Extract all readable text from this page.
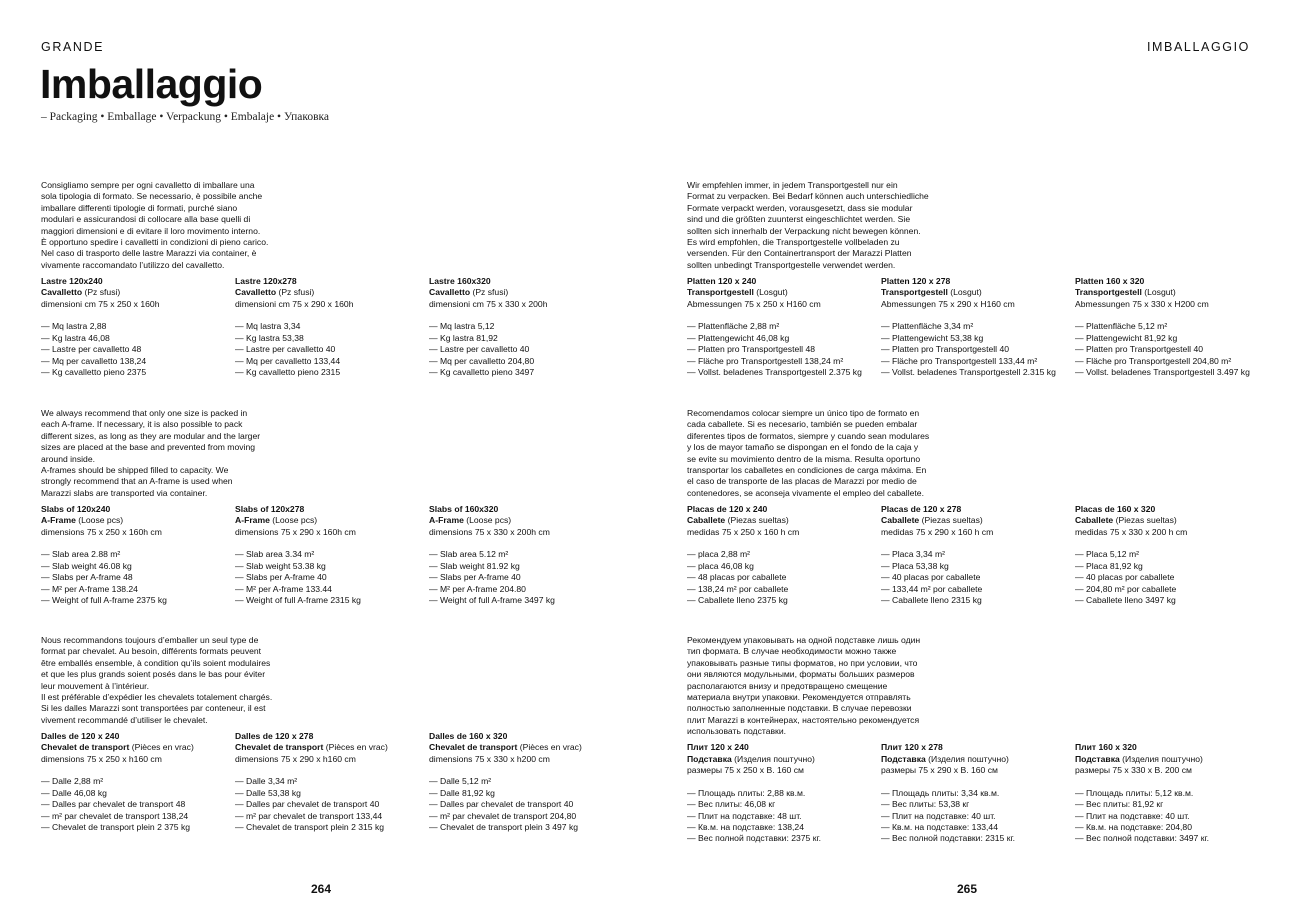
GRANDE	IMBALLAGGIO
Imballaggio
– Packaging • Emballage • Verpackung • Embalaje • Упаковка
Consigliamo sempre per ogni cavalletto di imballare una
sola tipologia di formato. Se necessario, è possibile anche
imballare differenti tipologie di formati, purché siano
modulari e assicurandosi di collocare alla base quelli di
maggiori dimensioni e di evitare il loro movimento interno.
È opportuno spedire i cavalletti in condizioni di pieno carico.
Nel caso di trasporto delle lastre Marazzi via container, è
vivamente raccomandato l’utilizzo del cavalletto.
Lastre 120x240
Cavalletto (Pz sfusi)
dimensioni cm 75 x 250 x 160h
— Mq lastra 2,88
— Kg lastra 46,08
— Lastre per cavalletto 48
— Mq per cavalletto 138,24
— Kg cavalletto pieno 2375
Lastre 120x278
Cavalletto (Pz sfusi)
dimensioni cm 75 x 290 x 160h
— Mq lastra 3,34
— Kg lastra 53,38
— Lastre per cavalletto 40
— Mq per cavalletto 133,44
— Kg cavalletto pieno 2315
Lastre 160x320
Cavalletto (Pz sfusi)
dimensioni cm 75 x 330 x 200h
— Mq lastra 5,12
— Kg lastra 81,92
— Lastre per cavalletto 40
— Mq per cavalletto 204,80
— Kg cavalletto pieno 3497
We always recommend that only one size is packed in
each A-frame. If necessary, it is also possible to pack
different sizes, as long as they are modular and the larger
sizes are placed at the base and prevented from moving
around inside.
A-frames should be shipped filled to capacity. We
strongly recommend that an A-frame is used when
Marazzi slabs are transported via container.
Slabs of 120x240
A-Frame (Loose pcs)
dimensions 75 x 250 x 160h cm
— Slab area 2.88 m²
— Slab weight 46.08 kg
— Slabs per A-frame 48
— M² per A-frame 138.24
— Weight of full A-frame 2375 kg
Slabs of 120x278
A-Frame (Loose pcs)
dimensions 75 x 290 x 160h cm
— Slab area 3.34 m²
— Slab weight 53.38 kg
— Slabs per A-frame 40
— M² per A-frame 133.44
— Weight of full A-frame 2315 kg
Slabs of 160x320
A-Frame (Loose pcs)
dimensions 75 x 330 x 200h cm
— Slab area 5.12 m²
— Slab weight 81.92 kg
— Slabs per A-frame 40
— M² per A-frame 204.80
— Weight of full A-frame 3497 kg
Nous recommandons toujours d’emballer un seul type de
format par chevalet. Au besoin, différents formats peuvent
être emballés ensemble, à condition qu’ils soient modulaires
et que les plus grands soient posés dans le bas pour éviter
leur mouvement à l’intérieur.
Il est préférable d’expédier les chevalets totalement chargés.
Si les dalles Marazzi sont transportées par conteneur, il est
vivement recommandé d’utiliser le chevalet.
Dalles de 120 x 240
Chevalet de transport (Pièces en vrac)
dimensions 75 x 250 x h160 cm
— Dalle 2,88 m²
— Dalle 46,08 kg
— Dalles par chevalet de transport 48
— m² par chevalet de transport 138,24
— Chevalet de transport plein 2 375 kg
Dalles de 120 x 278
Chevalet de transport (Pièces en vrac)
dimensions 75 x 290 x h160 cm
— Dalle 3,34 m²
— Dalle 53,38 kg
— Dalles par chevalet de transport 40
— m² par chevalet de transport 133,44
— Chevalet de transport plein 2 315 kg
Dalles de 160 x 320
Chevalet de transport (Pièces en vrac)
dimensions 75 x 330 x h200 cm
— Dalle 5,12 m²
— Dalle 81,92 kg
— Dalles par chevalet de transport 40
— m² par chevalet de transport 204,80
— Chevalet de transport plein 3 497 kg
Wir empfehlen immer, in jedem Transportgestell nur ein
Format zu verpacken. Bei Bedarf können auch unterschiedliche
Formate verpackt werden, vorausgesetzt, dass sie modular
sind und die größten zuunterst eingeschlichtet werden. Sie
sollten sich innerhalb der Verpackung nicht bewegen können.
Es wird empfohlen, die Transportgestelle vollbeladen zu
versenden. Für den Containertransport der Marazzi Platten
sollten unbedingt Transportgestelle verwendet werden.
Platten 120 x 240
Transportgestell (Losgut)
Abmessungen 75 x 250 x H160 cm
— Plattenfläche 2,88 m²
— Plattengewicht 46,08 kg
— Platten pro Transportgestell 48
— Fläche pro Transportgestell 138,24 m²
— Vollst. beladenes Transportgestell 2.375 kg
Platten 120 x 278
Transportgestell (Losgut)
Abmessungen 75 x 290 x H160 cm
— Plattenfläche 3,34 m²
— Plattengewicht 53,38 kg
— Platten pro Transportgestell 40
— Fläche pro Transportgestell 133,44 m²
— Vollst. beladenes Transportgestell 2.315 kg
Platten 160 x 320
Transportgestell (Losgut)
Abmessungen 75 x 330 x H200 cm
— Plattenfläche 5,12 m²
— Plattengewicht 81,92 kg
— Platten pro Transportgestell 40
— Fläche pro Transportgestell 204,80 m²
— Vollst. beladenes Transportgestell 3.497 kg
Recomendamos colocar siempre un único tipo de formato en
cada caballete. Si es necesario, también se pueden embalar
diferentes tipos de formatos, siempre y cuando sean modulares
y los de mayor tamaño se dispongan en el fondo de la caja y
se evite su movimiento dentro de la misma. Resulta oportuno
transportar los caballetes en condiciones de carga máxima. En
el caso de transporte de las placas de Marazzi por medio de
contenedores, se aconseja vivamente el empleo del caballete.
Placas de 120 x 240
Caballete (Piezas sueltas)
medidas 75 x 250 x 160 h cm
— placa 2,88 m²
— placa 46,08 kg
— 48 placas por caballete
— 138,24 m² por caballete
— Caballete lleno 2375 kg
Placas de 120 x 278
Caballete (Piezas sueltas)
medidas 75 x 290 x 160 h cm
— Placa 3,34 m²
— Placa 53,38 kg
— 40 placas por caballete
— 133,44 m² por caballete
— Caballete lleno 2315 kg
Placas de 160 x 320
Caballete (Piezas sueltas)
medidas 75 x 330 x 200 h cm
— Placa 5,12 m²
— Placa 81,92 kg
— 40 placas por caballete
— 204,80 m² por caballete
— Caballete lleno 3497 kg
Рекомендуем упаковывать на одной подставке лишь один
тип формата. В случае необходимости можно также
упаковывать разные типы форматов, но при условии, что
они являются модульными, форматы больших размеров
располагаются внизу и предотвращено смещение
материала внутри упаковки. Рекомендуется отправлять
полностью заполненные подставки. В случае перевозки
плит Marazzi в контейнерах, настоятельно рекомендуется
использовать подставки.
Плит 120 x 240
Подставка (Изделия поштучно)
размеры 75 x 250 x В. 160 см
— Площадь плиты: 2,88 кв.м.
— Вес плиты: 46,08 кг
— Плит на подставке: 48 шт.
— Кв.м. на подставке: 138,24
— Вес полной подставки: 2375 кг.
Плит 120 x 278
Подставка (Изделия поштучно)
размеры 75 x 290 x В. 160 см
— Площадь плиты: 3,34 кв.м.
— Вес плиты: 53,38 кг
— Плит на подставке: 40 шт.
— Кв.м. на подставке: 133,44
— Вес полной подставки: 2315 кг.
Плит 160 x 320
Подставка (Изделия поштучно)
размеры 75 x 330 x В. 200 см
— Площадь плиты: 5,12 кв.м.
— Вес плиты: 81,92 кг
— Плит на подставке: 40 шт.
— Кв.м. на подставке: 204,80
— Вес полной подставки: 3497 кг.
264	265
